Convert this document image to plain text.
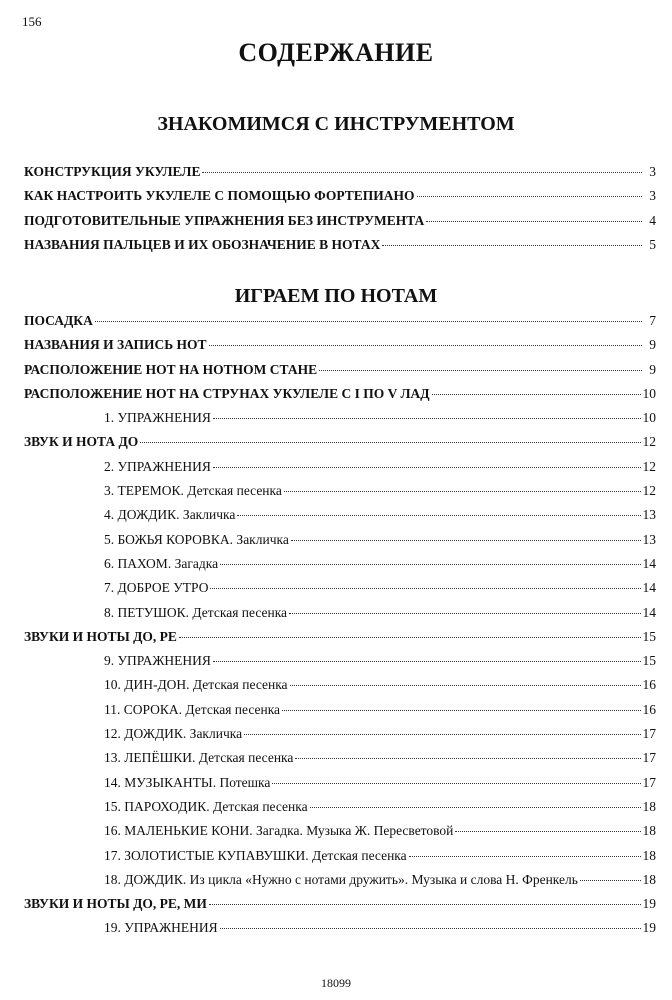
156
СОДЕРЖАНИЕ
ЗНАКОМИМСЯ С ИНСТРУМЕНТОМ
КОНСТРУКЦИЯ УКУЛЕЛЕ	3
КАК НАСТРОИТЬ УКУЛЕЛЕ С ПОМОЩЬЮ ФОРТЕПИАНО	3
ПОДГОТОВИТЕЛЬНЫЕ УПРАЖНЕНИЯ БЕЗ ИНСТРУМЕНТА	4
НАЗВАНИЯ ПАЛЬЦЕВ И ИХ ОБОЗНАЧЕНИЕ В НОТАХ	5
ИГРАЕМ ПО НОТАМ
ПОСАДКА	7
НАЗВАНИЯ И ЗАПИСЬ НОТ	9
РАСПОЛОЖЕНИЕ НОТ НА НОТНОМ СТАНЕ	9
РАСПОЛОЖЕНИЕ НОТ НА СТРУНАХ УКУЛЕЛЕ С I ПО V ЛАД	10
1. УПРАЖНЕНИЯ	10
ЗВУК И НОТА ДО	12
2. УПРАЖНЕНИЯ	12
3. ТЕРЕМОК. Детская песенка	12
4. ДОЖДИК. Закличка	13
5. БОЖЬЯ КОРОВКА. Закличка	13
6. ПАХОМ. Загадка	14
7. ДОБРОЕ УТРО	14
8. ПЕТУШОК. Детская песенка	14
ЗВУКИ И НОТЫ ДО, РЕ	15
9. УПРАЖНЕНИЯ	15
10. ДИН-ДОН. Детская песенка	16
11. СОРОКА. Детская песенка	16
12. ДОЖДИК. Закличка	17
13. ЛЕПЁШКИ. Детская песенка	17
14. МУЗЫКАНТЫ. Потешка	17
15. ПАРОХОДИК. Детская песенка	18
16. МАЛЕНЬКИЕ КОНИ. Загадка. Музыка Ж. Пересветовой	18
17. ЗОЛОТИСТЫЕ КУПАВУШКИ. Детская песенка	18
18. ДОЖДИК. Из цикла «Нужно с нотами дружить». Музыка и слова Н. Френкель	18
ЗВУКИ И НОТЫ ДО, РЕ, МИ	19
19. УПРАЖНЕНИЯ	19
18099
